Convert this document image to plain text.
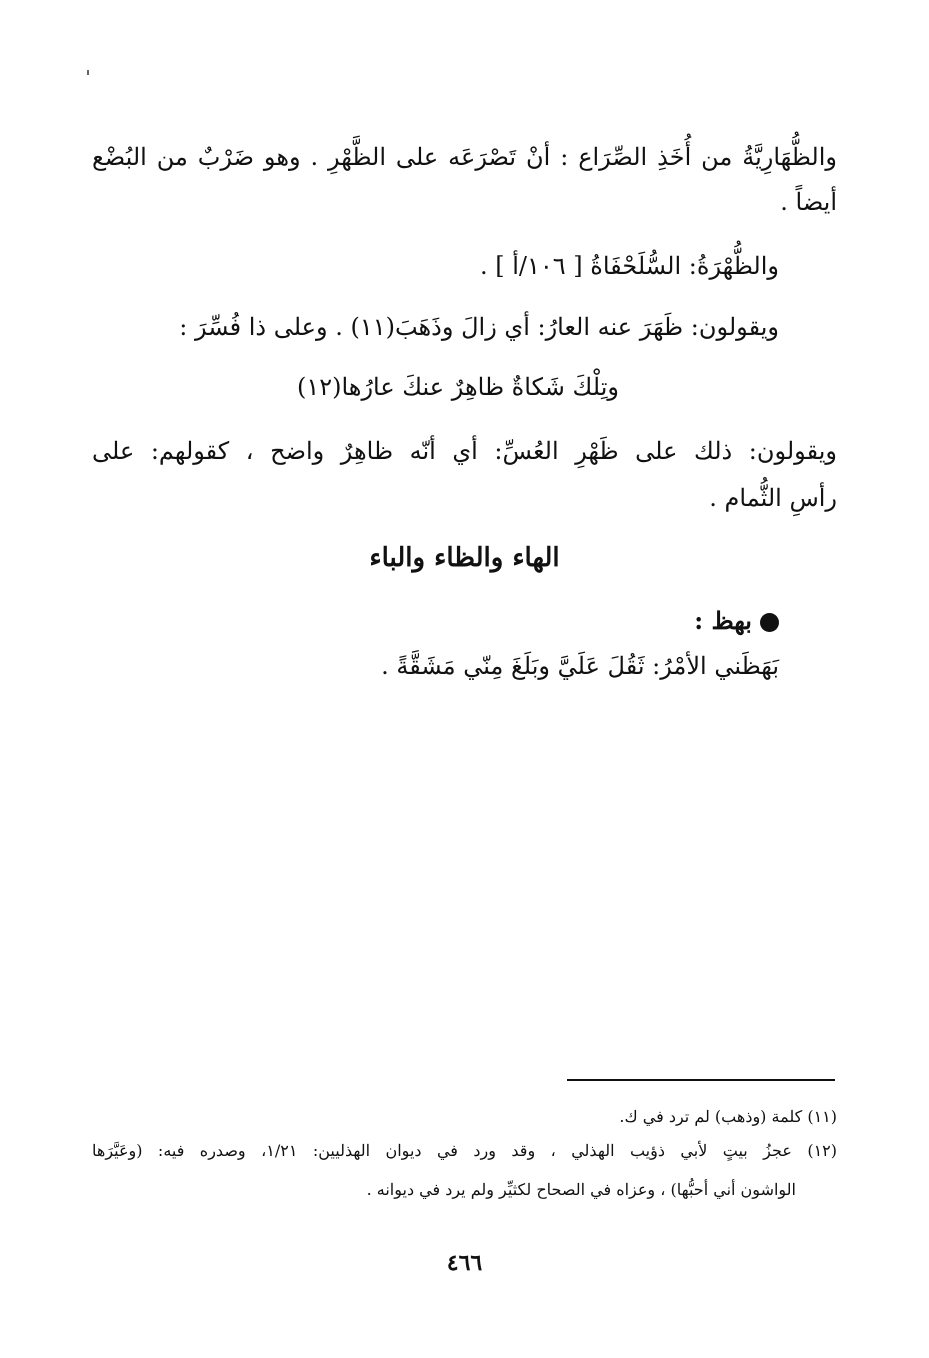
والظُّهَارِيَّةُ من أُخَذِ الصِّرَاع : أنْ تَصْرَعَه على الظَّهْرِ . وهو ضَرْبٌ من البُضْع
أيضاً .
والظُّهْرَةُ: السُّلَحْفَاةُ [ ١٠٦/أ ] .
ويقولون: ظَهَرَ عنه العارُ: أي زالَ وذَهَبَ(١١) . وعلى ذا فُسِّرَ :
وتِلْكَ شَكاةٌ ظاهِرٌ عنكَ عارُها(١٢)
ويقولون: ذلك على ظَهْرِ العُسِّ: أي أنّه ظاهِرٌ واضح ، كقولهم: على
رأسِ الثُّمام .
الهاء والظاء والباء
بهظ :
بَهَظَني الأمْرُ: ثَقُلَ عَلَيَّ وبَلَغَ مِنّي مَشَقَّةً .
(١١) كلمة (وذهب) لم ترد في ك.
(١٢) عجزُ بيتٍ لأبي ذؤيب الهذلي ، وقد ورد في ديوان الهذليين: ١/٢١، وصدره فيه: (وعَيَّرَها
الواشون أني أحبُّها) ، وعزاه في الصحاح لكثيِّر ولم يرد في ديوانه .
٤٦٦
